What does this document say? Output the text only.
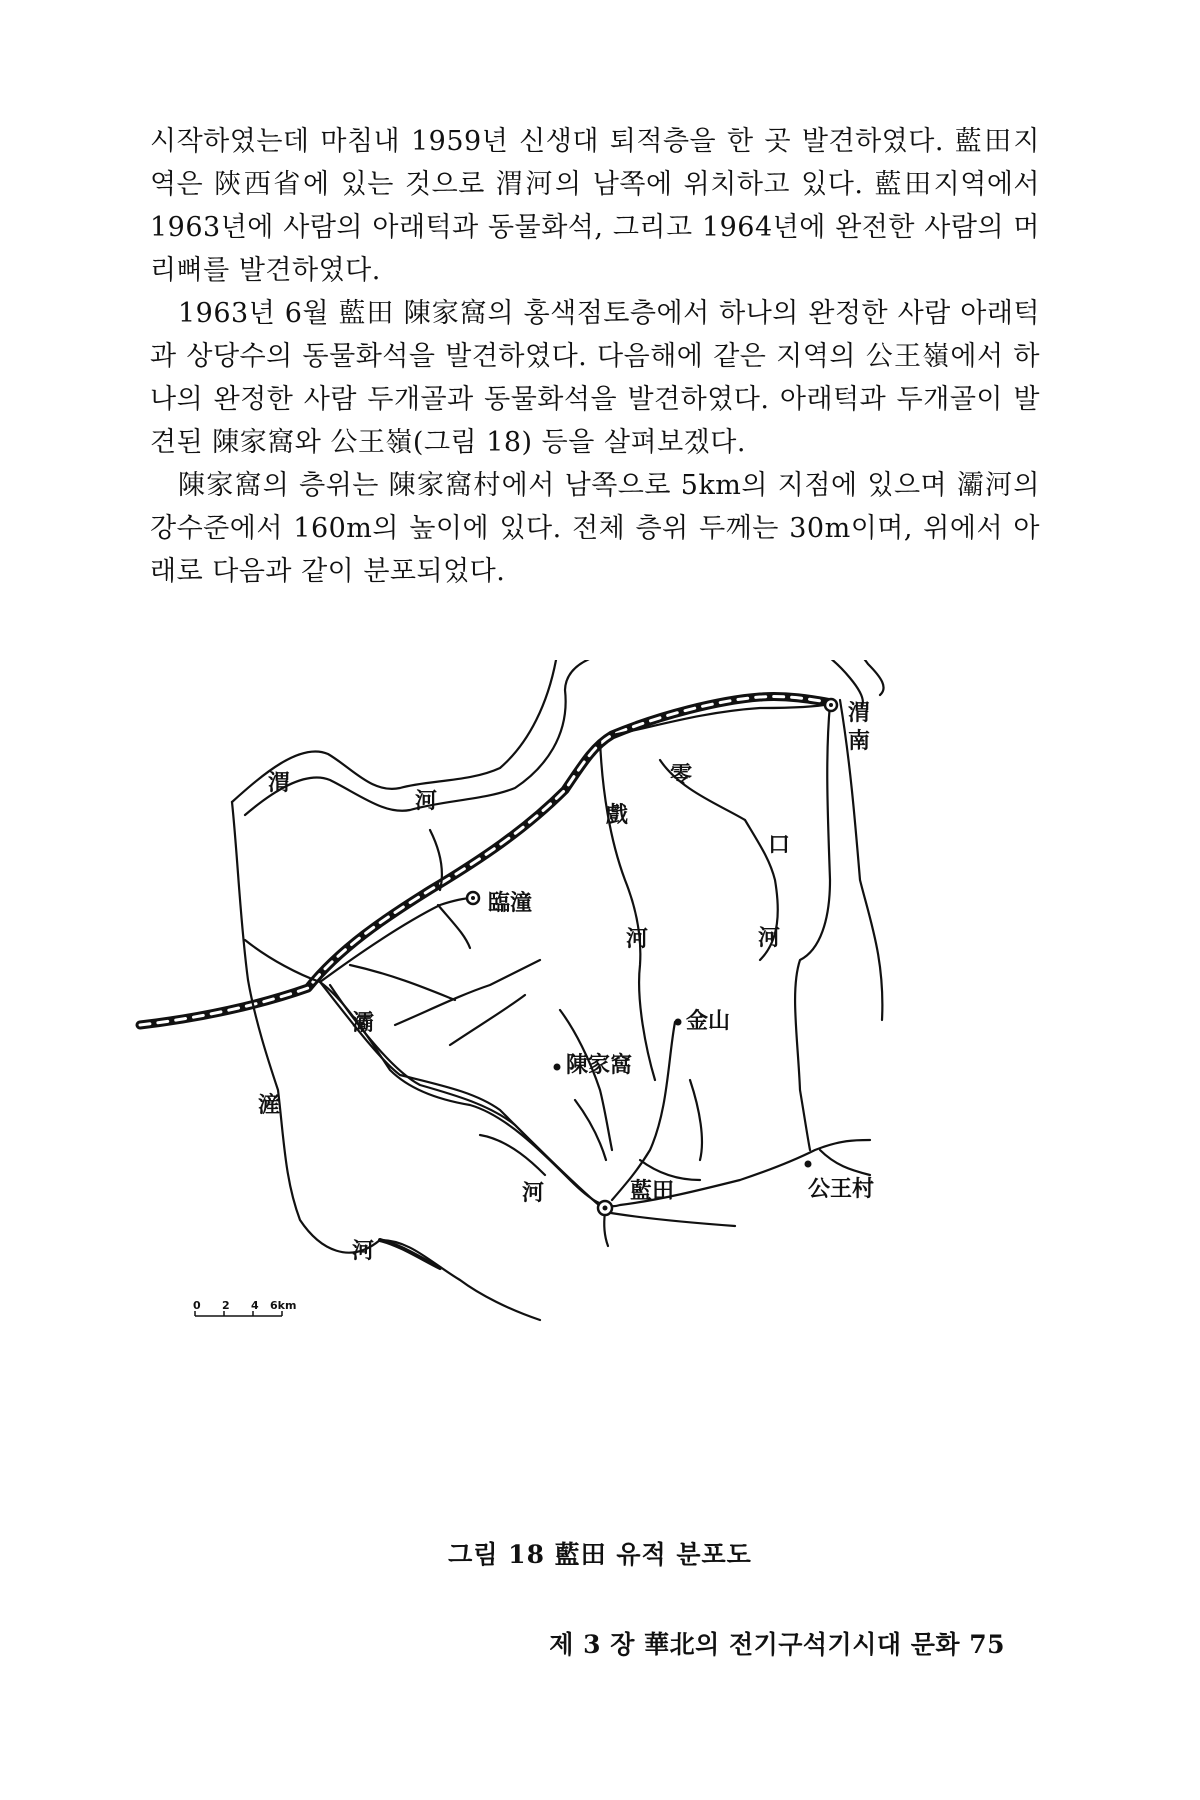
시작하였는데 마침내 1959년 신생대 퇴적층을 한 곳 발견하였다. 藍田지역은 陝西省에 있는 것으로 渭河의 남쪽에 위치하고 있다. 藍田지역에서 1963년에 사람의 아래턱과 동물화석, 그리고 1964년에 완전한 사람의 머리뼈를 발견하였다.

1963년 6월 藍田 陳家窩의 홍색점토층에서 하나의 완정한 사람 아래턱과 상당수의 동물화석을 발견하였다. 다음해에 같은 지역의 公王嶺에서 하나의 완정한 사람 두개골과 동물화석을 발견하였다. 아래턱과 두개골이 발견된 陳家窩와 公王嶺(그림 18) 등을 살펴보겠다.

陳家窩의 층위는 陳家窩村에서 남쪽으로 5km의 지점에 있으며 灞河의 강수준에서 160m의 높이에 있다. 전체 층위 두께는 30m이며, 위에서 아래로 다음과 같이 분포되었다.

渭
河
渭
南
零
口
河
戲
河
臨潼
灞
滻
河
河
金山
陳家窩
藍田	公王村
0 2 4 6km
그림 18 藍田 유적 분포도
제 3 장 華北의 전기구석기시대 문화 75
